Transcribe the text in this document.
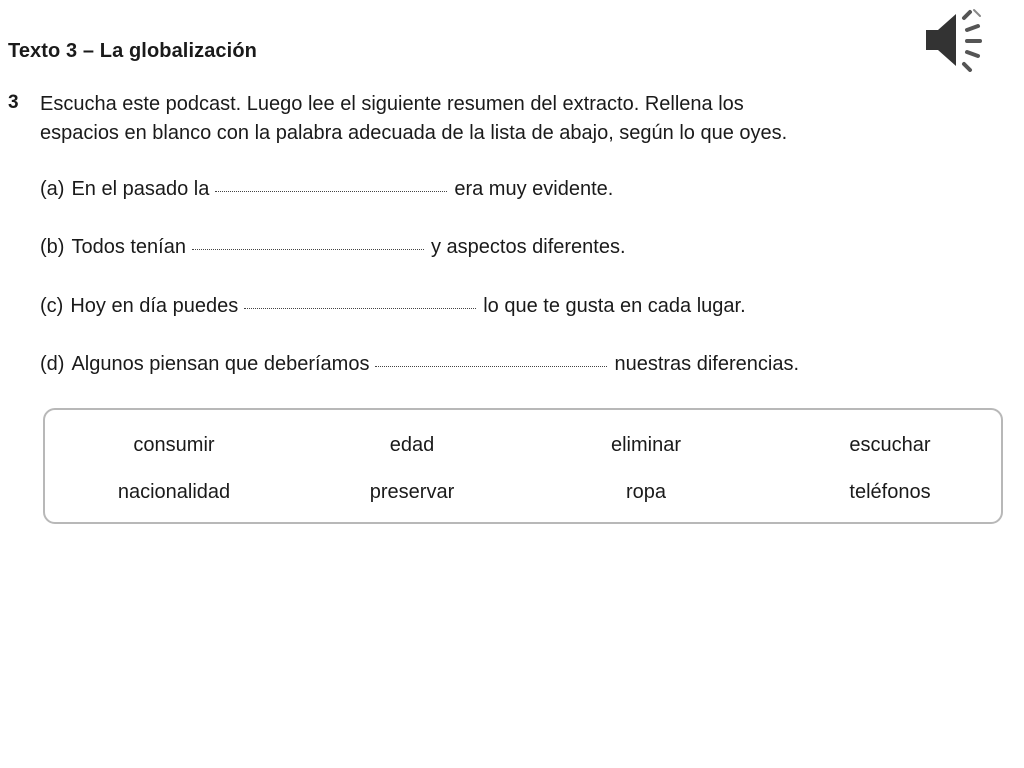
Texto 3 – La globalización
3 Escucha este podcast. Luego lee el siguiente resumen del extracto. Rellena los
espacios en blanco con la palabra adecuada de la lista de abajo, según lo que oyes.
(a) En el pasado la	era muy evidente.
(b) Todos tenían	y aspectos diferentes.
(c) Hoy en día puedes	lo que te gusta en cada lugar.
(d) Algunos piensan que deberíamos	nuestras diferencias.
consumir	edad	eliminar	escuchar
nacionalidad	preservar	ropa	teléfonos
